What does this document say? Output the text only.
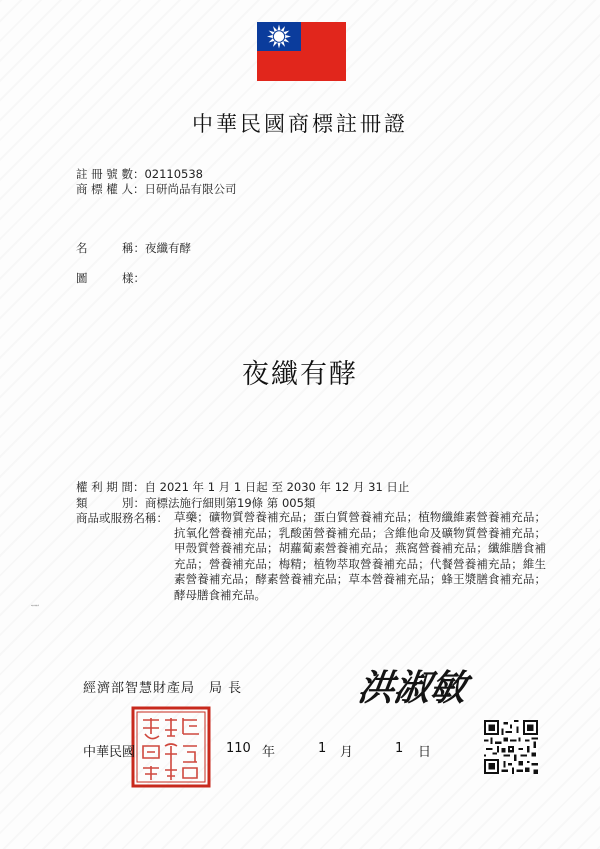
中華民國商標註冊證
註 冊 號 數：02110538
商 標 權 人：日研尚品有限公司
名　　　稱：夜纖有酵
圖　　　樣：
夜纖有酵
權 利 期 間：自 2021 年 1 月 1 日起 至 2030 年 12 月 31 日止
類　　　別：商標法施行細則第19條 第 005類
商品或服務名稱： 草藥；礦物質營養補充品；蛋白質營養補充品；植物纖維素營養補充品；抗氧化營養補充品；乳酸菌營養補充品；含維他命及礦物質營養補充品；甲殼質營養補充品；胡蘿蔔素營養補充品；燕窩營養補充品；纖維膳食補充品；營養補充品；梅精；植物萃取營養補充品；代餐營養補充品；維生素營養補充品；酵素營養補充品；草本營養補充品；蜂王漿膳食補充品；酵母膳食補充品。
經濟部智慧財產局　局 長	洪淑敏
經濟部智慧財產局
中華民國	110 年	1 月	1 日
